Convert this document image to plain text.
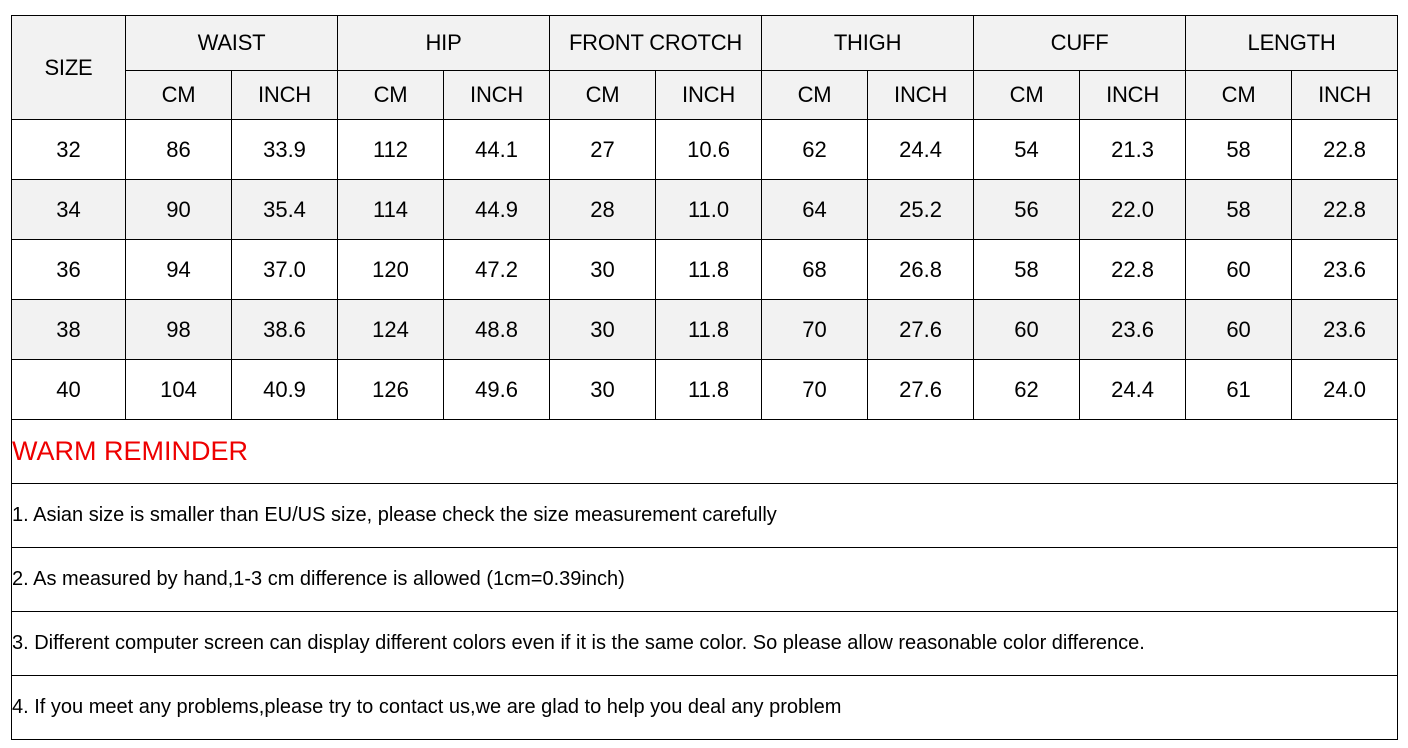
SIZE	WAIST		HIP		FRONT CROTCH		THIGH		CUFF		LENGTH	
	CM	INCH	CM	INCH	CM	INCH	CM	INCH	CM	INCH	CM	INCH
32	86	33.9	112	44.1	27	10.6	62	24.4	54	21.3	58	22.8
34	90	35.4	114	44.9	28	11.0	64	25.2	56	22.0	58	22.8
36	94	37.0	120	47.2	30	11.8	68	26.8	58	22.8	60	23.6
38	98	38.6	124	48.8	30	11.8	70	27.6	60	23.6	60	23.6
40	104	40.9	126	49.6	30	11.8	70	27.6	62	24.4	61	24.0
WARM REMINDER												
1. Asian size is smaller than EU/US size, please check the size measurement carefully												
2. As measured by hand,1-3 cm difference is allowed (1cm=0.39inch)												
3. Different computer screen can display different colors even if it is the same color. So please allow reasonable color difference.												
4. If you meet any problems,please try to contact us,we are glad to help you deal any problem												
